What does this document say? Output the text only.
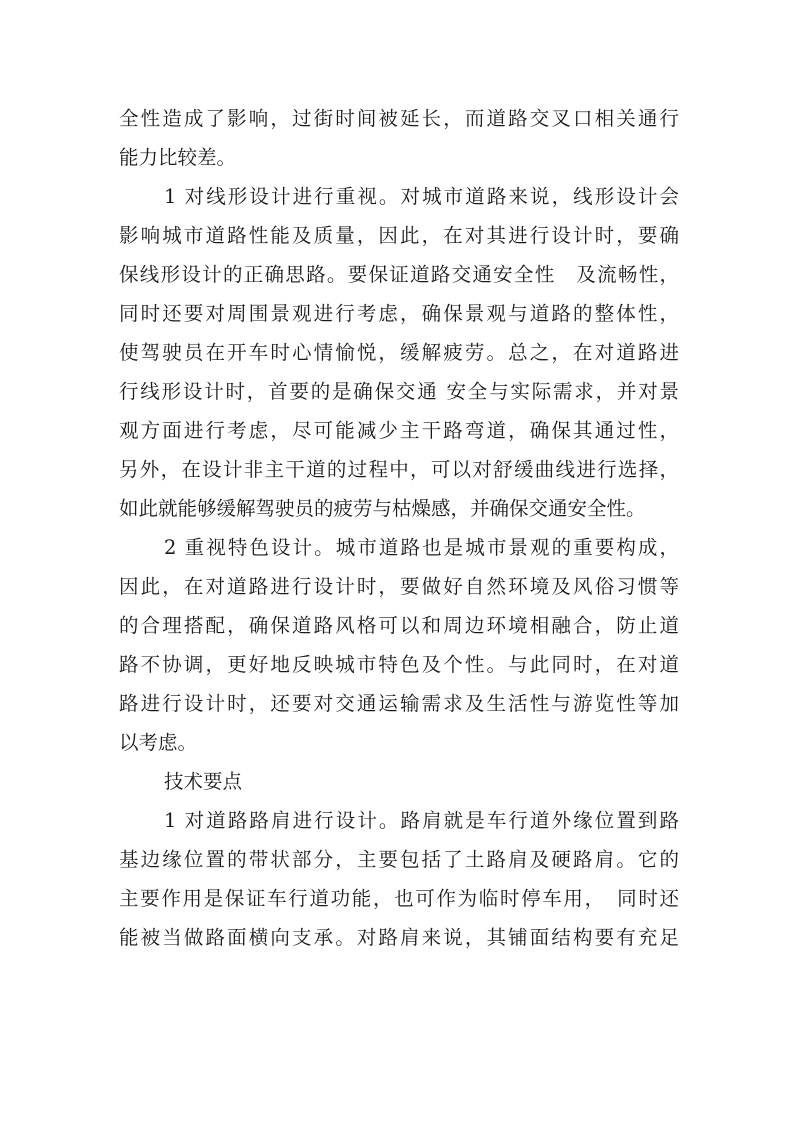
全性造成了影响，过街时间被延长，而道路交叉口相关通行
能力比较差。
1 对线形设计进行重视。对城市道路来说，线形设计会
影响城市道路性能及质量，因此，在对其进行设计时，要确
保线形设计的正确思路。要保证道路交通安全性　及流畅性，
同时还要对周围景观进行考虑，确保景观与道路的整体性，
使驾驶员在开车时心情愉悦，缓解疲劳。总之，在对道路进
行线形设计时，首要的是确保交通 安全与实际需求，并对景
观方面进行考虑，尽可能减少主干路弯道，确保其通过性，
另外，在设计非主干道的过程中，可以对舒缓曲线进行选择，
如此就能够缓解驾驶员的疲劳与枯燥感，并确保交通安全性。
2 重视特色设计。城市道路也是城市景观的重要构成，
因此，在对道路进行设计时，要做好自然环境及风俗习惯等
的合理搭配，确保道路风格可以和周边环境相融合，防止道
路不协调，更好地反映城市特色及个性。与此同时，在对道
路进行设计时，还要对交通运输需求及生活性与游览性等加
以考虑。
技术要点
1 对道路路肩进行设计。路肩就是车行道外缘位置到路
基边缘位置的带状部分，主要包括了土路肩及硬路肩。它的
主要作用是保证车行道功能，也可作为临时停车用，　同时还
能被当做路面横向支承。对路肩来说，其铺面结构要有充足
